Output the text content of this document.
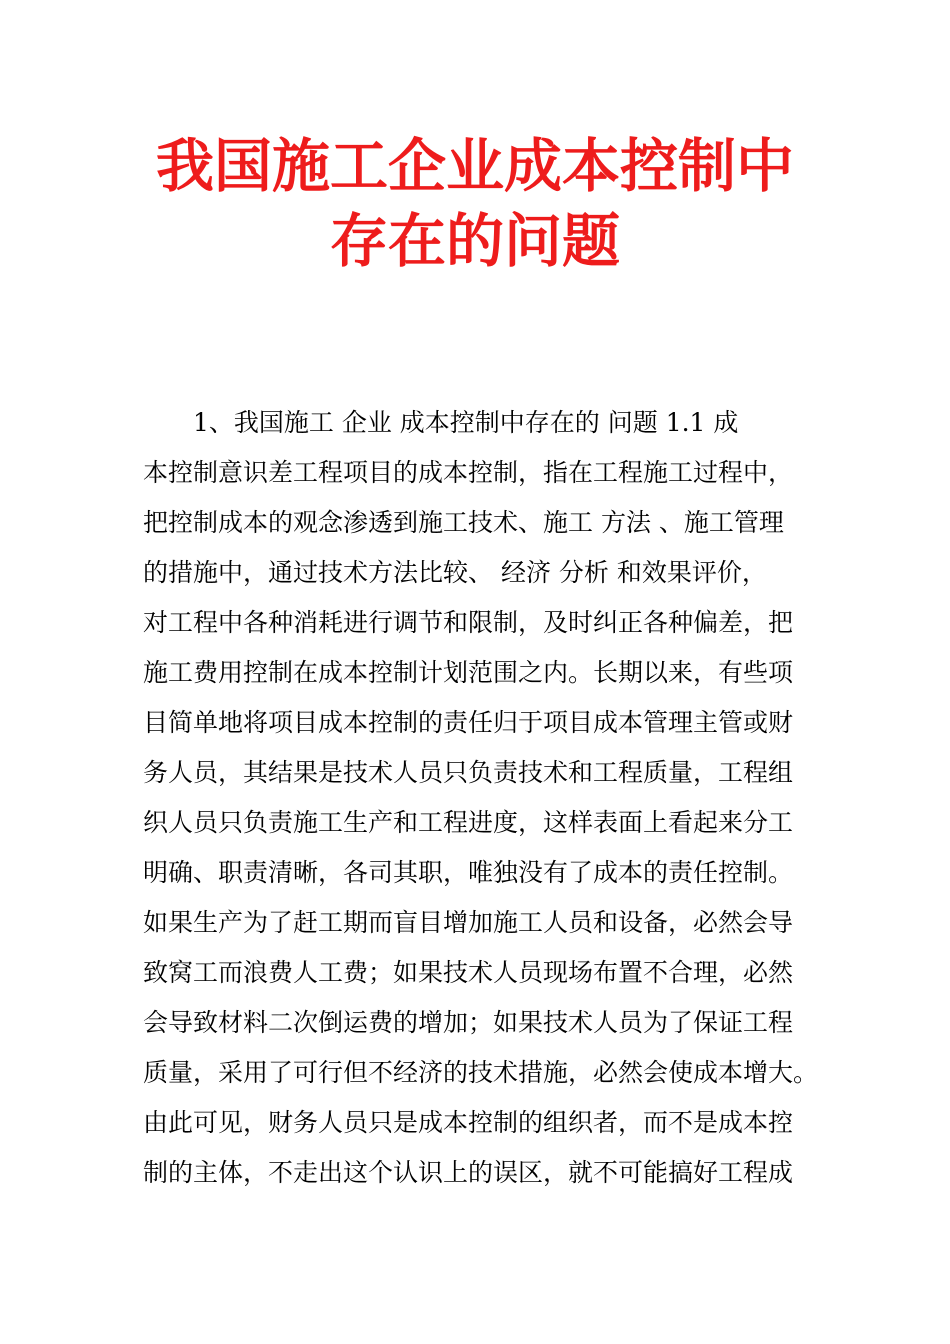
我国施工企业成本控制中
存在的问题
　　1、我国施工 企业 成本控制中存在的 问题 1.1 成
本控制意识差工程项目的成本控制，指在工程施工过程中，
把控制成本的观念渗透到施工技术、施工 方法 、施工管理
的措施中，通过技术方法比较、 经济 分析 和效果评价，
对工程中各种消耗进行调节和限制，及时纠正各种偏差，把
施工费用控制在成本控制计划范围之内。长期以来，有些项
目简单地将项目成本控制的责任归于项目成本管理主管或财
务人员，其结果是技术人员只负责技术和工程质量，工程组
织人员只负责施工生产和工程进度，这样表面上看起来分工
明确、职责清晰，各司其职，唯独没有了成本的责任控制。
如果生产为了赶工期而盲目增加施工人员和设备，必然会导
致窝工而浪费人工费；如果技术人员现场布置不合理，必然
会导致材料二次倒运费的增加；如果技术人员为了保证工程
质量，采用了可行但不经济的技术措施，必然会使成本增大。
由此可见，财务人员只是成本控制的组织者，而不是成本控
制的主体，不走出这个认识上的误区，就不可能搞好工程成
